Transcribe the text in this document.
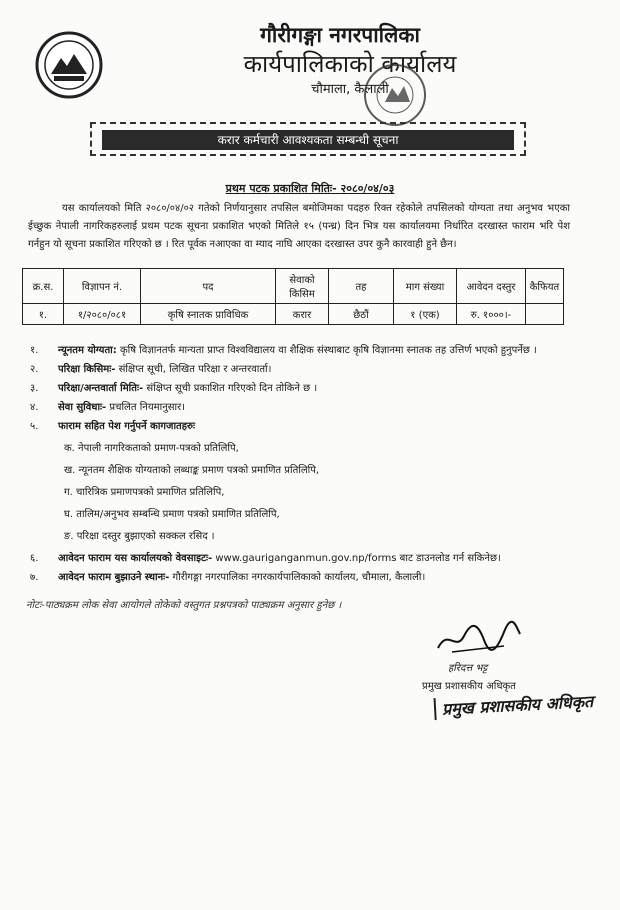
गौरीगङ्गा नगरपालिका
कार्यपालिकाको कार्यालय
चौमाला, कैलाली
करार कर्मचारी आवश्यकता सम्बन्धी सूचना
प्रथम पटक प्रकाशित मितिः- २०८०/०४/०३
यस कार्यालयको मिति २०८०/०४/०२ गतेको निर्णयानुसार तपसिल बमोजिमका पदहरु रिक्त रहेकोले तपसिलको योग्यता तथा अनुभव भएका ईच्छुक नेपाली नागरिकहरुलाई प्रथम पटक सूचना प्रकाशित भएको मितिले १५ (पन्ध्र) दिन भित्र यस कार्यालयमा निर्धारित दरखास्त फाराम भरि पेश गर्नहुन यो सूचना प्रकाशित गरिएको छ । रित पूर्वक नआएका वा म्याद नाघि आएका दरखास्त उपर कुनै कारवाही हुने छैन।
क्र.स.	विज्ञापन नं.	पद	सेवाको किसिम	तह	माग संख्या	आवेदन दस्तुर	कैफियत
१.	१/२०८०/०८१	कृषि स्नातक प्राविधिक	करार	छैठौं	१ (एक)	रु. १०००।-	
१. न्यूनतम योग्यता: कृषि विज्ञानतर्फ मान्यता प्राप्त विश्वविद्यालय वा शैक्षिक संस्थाबाट कृषि विज्ञानमा स्नातक तह उत्तिर्ण भएको हुनुपर्नेछ ।
२. परिक्षा किसिमः- संक्षिप्त सूची, लिखित परिक्षा र अन्तरवार्ता।
३. परिक्षा/अन्तवार्ता मितिः- संक्षिप्त सूची प्रकाशित गरिएको दिन तोकिने छ ।
४. सेवा सुविधाः- प्रचलित नियमानुसार।
५. फाराम सहित पेश गर्नुपर्ने कागजातहरुः
क. नेपाली नागरिकताको प्रमाण-पत्रको प्रतिलिपि,
ख. न्यूनतम शैक्षिक योग्यताको लब्धाङ्क प्रमाण पत्रको प्रमाणित प्रतिलिपि,
ग. चारित्रिक प्रमाणपत्रको प्रमाणित प्रतिलिपि,
घ. तालिम/अनुभव सम्बन्धि प्रमाण पत्रको प्रमाणित प्रतिलिपि,
ङ. परिक्षा दस्तुर बुझाएको सक्कल रसिद ।
६. आवेदन फाराम यस कार्यालयको वेवसाइटः- www.gauriganganmun.gov.np/forms बाट डाउनलोड गर्न सकिनेछ।
७. आवेदन फाराम बुझाउने स्थानः- गौरीगङ्गा नगरपालिका नगरकार्यपालिकाको कार्यालय, चौमाला, कैलाली।
नोटः-पाठ्यक्रम लोक सेवा आयोगले तोकेको वस्तुगत प्रश्नपत्रको पाठ्यक्रम अनुसार हुनेछ ।
हरिदत्त भट्ट
प्रमुख प्रशासकीय अधिकृत
प्रमुख प्रशासकीय अधिकृत
